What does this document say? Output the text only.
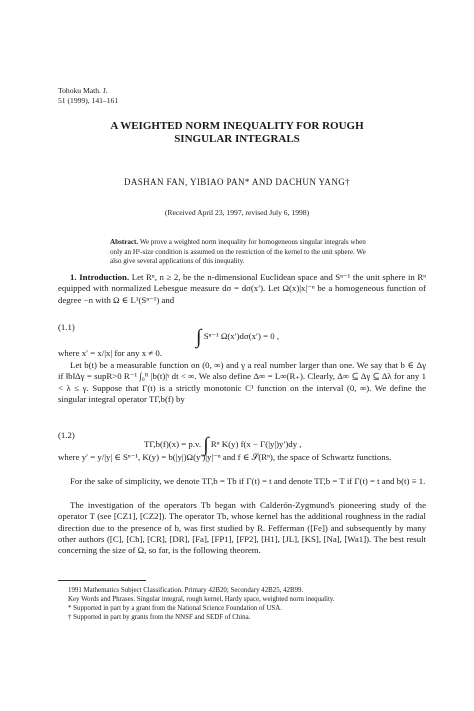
Tohoku Math. J.
51 (1999), 141–161
A WEIGHTED NORM INEQUALITY FOR ROUGH
SINGULAR INTEGRALS
DASHAN FAN, YIBIAO PAN* AND DACHUN YANG†
(Received April 23, 1997, revised July 6, 1998)
Abstract. We prove a weighted norm inequality for homogeneous singular integrals when only an H¹-size condition is assumed on the restriction of the kernel to the unit sphere. We also give several applications of this inequality.
1. Introduction. Let Rⁿ, n ≥ 2, be the n-dimensional Euclidean space and Sⁿ⁻¹ the unit sphere in Rⁿ equipped with normalized Lebesgue measure dσ = dσ(x′). Let Ω(x)|x|⁻ⁿ be a homogeneous function of degree −n with Ω ∈ L¹(Sⁿ⁻¹) and
(1.1)	∫ Sⁿ⁻¹ Ω(x′)dσ(x′) = 0 ,
where x′ = x/|x| for any x ≠ 0.
Let b(t) be a measurable function on (0, ∞) and γ a real number larger than one. We say that b ∈ Δγ if ‖b‖Δγ = supR>0 R⁻¹ ∫₀ᴿ |b(t)|ᵞ dt < ∞. We also define Δ∞ = L∞(R₊). Clearly, Δ∞ ⊆ Δγ ⊆ Δλ for any 1 < λ ≤ γ. Suppose that Γ(t) is a strictly monotonic C¹ function on the interval (0, ∞). We define the singular integral operator TΓ,b(f) by
(1.2)
TΓ,b(f)(x) = p.v. ∫ Rⁿ K(y) f(x − Γ(|y|)y′)dy ,
where y′ = y/|y| ∈ Sⁿ⁻¹, K(y) = b(|y|)Ω(y′)|y|⁻ⁿ and f ∈ 𝒮(Rⁿ), the space of Schwartz functions.
For the sake of simplicity, we denote TΓ,b = Tb if Γ(t) = t and denote TΓ,b = T if Γ(t) = t and b(t) ≡ 1.
The investigation of the operators Tb began with Calderón-Zygmund's pioneering study of the operator T (see [CZ1], [CZ2]). The operator Tb, whose kernel has the additional roughness in the radial direction due to the presence of b, was first studied by R. Fefferman ([Fe]) and subsequently by many other authors ([C], [Ch], [CR], [DR], [Fa], [FP1], [FP2], [H1], [JL], [KS], [Na], [Wa1]). The best result concerning the size of Ω, so far, is the following theorem.
1991 Mathematics Subject Classification. Primary 42B20; Secondary 42B25, 42B99.
Key Words and Phrases. Singular integral, rough kernel, Hardy space, weighted norm inequality.
* Supported in part by a grant from the National Science Foundation of USA.
† Supported in part by grants from the NNSF and SEDF of China.
